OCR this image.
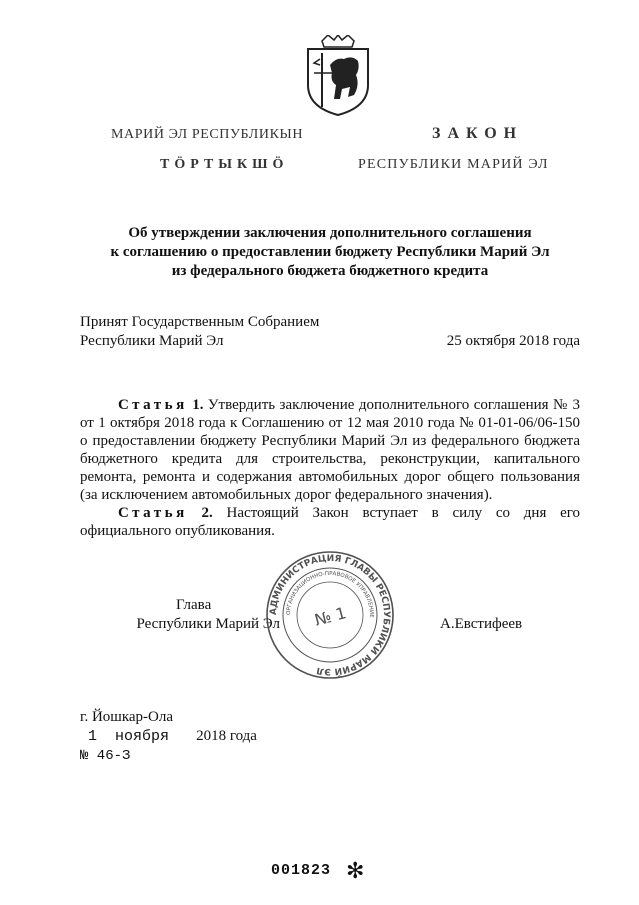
МАРИЙ ЭЛ РЕСПУБЛИКЫН
ТӦРТЫКШӦ
ЗАКОН
РЕСПУБЛИКИ МАРИЙ ЭЛ
Об утверждении заключения дополнительного соглашения
к соглашению о предоставлении бюджету Республики Марий Эл
из федерального бюджета бюджетного кредита
Принят Государственным Собранием
Республики Марий Эл	25 октября 2018 года

Статья 1. Утвердить заключение дополнительного соглашения № 3 от 1 октября 2018 года к Соглашению от 12 мая 2010 года № 01-01-06/06-150 о предоставлении бюджету Республики Марий Эл из федерального бюджета бюджетного кредита для строительства, реконструкции, капитального ремонта, ремонта и содержания автомобильных дорог общего пользования (за исключением автомобильных дорог федерального значения).

Статья 2. Настоящий Закон вступает в силу со дня его официального опубликования.

Глава
Республики Марий Эл	А.Евстифеев
АДМИНИСТРАЦИЯ ГЛАВЫ РЕСПУБЛИКИ МАРИЙ ЭЛ
ОРГАНИЗАЦИОННО-ПРАВОВОЕ УПРАВЛЕНИЕ
№ 1
г. Йошкар-Ола
1 ноября 2018 года
№ 46-З
001823 ✻
